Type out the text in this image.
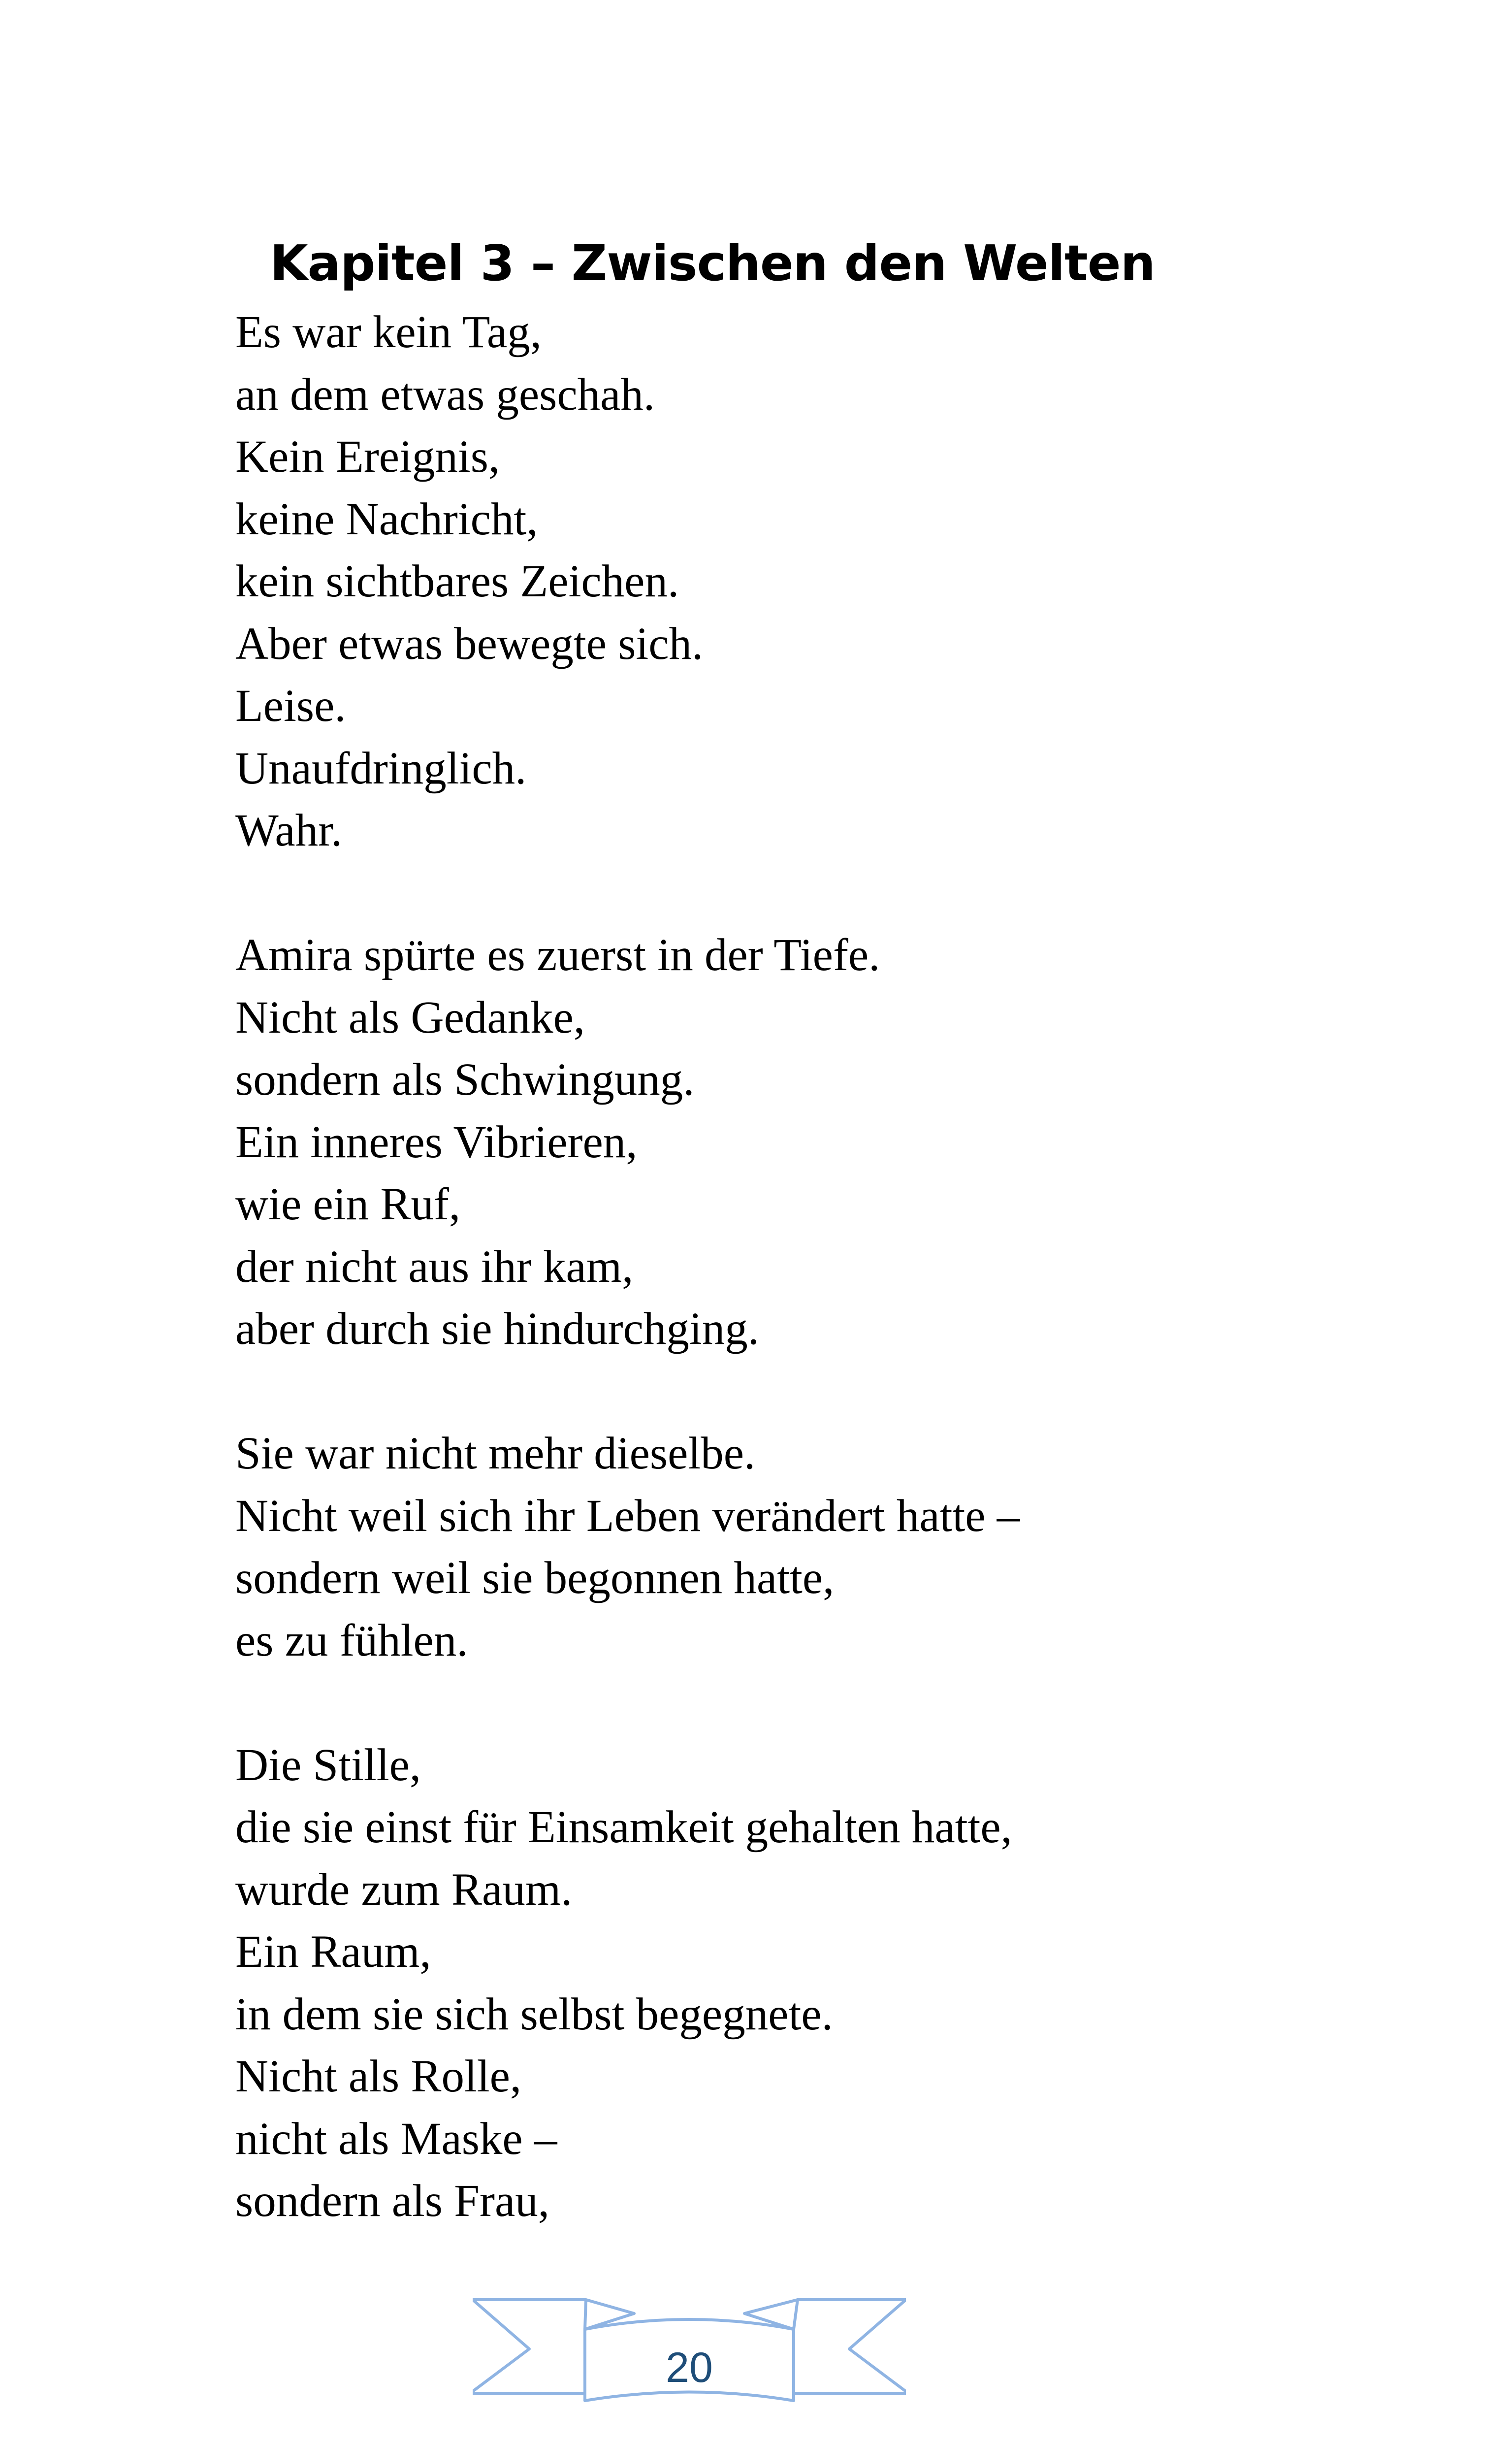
Kapitel 3 – Zwischen den Welten

Es war kein Tag,
an dem etwas geschah.
Kein Ereignis,
keine Nachricht,
kein sichtbares Zeichen.
Aber etwas bewegte sich.
Leise.
Unaufdringlich.
Wahr.

Amira spürte es zuerst in der Tiefe.
Nicht als Gedanke,
sondern als Schwingung.
Ein inneres Vibrieren,
wie ein Ruf,
der nicht aus ihr kam,
aber durch sie hindurchging.

Sie war nicht mehr dieselbe.
Nicht weil sich ihr Leben verändert hatte –
sondern weil sie begonnen hatte,
es zu fühlen.

Die Stille,
die sie einst für Einsamkeit gehalten hatte,
wurde zum Raum.
Ein Raum,
in dem sie sich selbst begegnete.
Nicht als Rolle,
nicht als Maske –
sondern als Frau,

20
